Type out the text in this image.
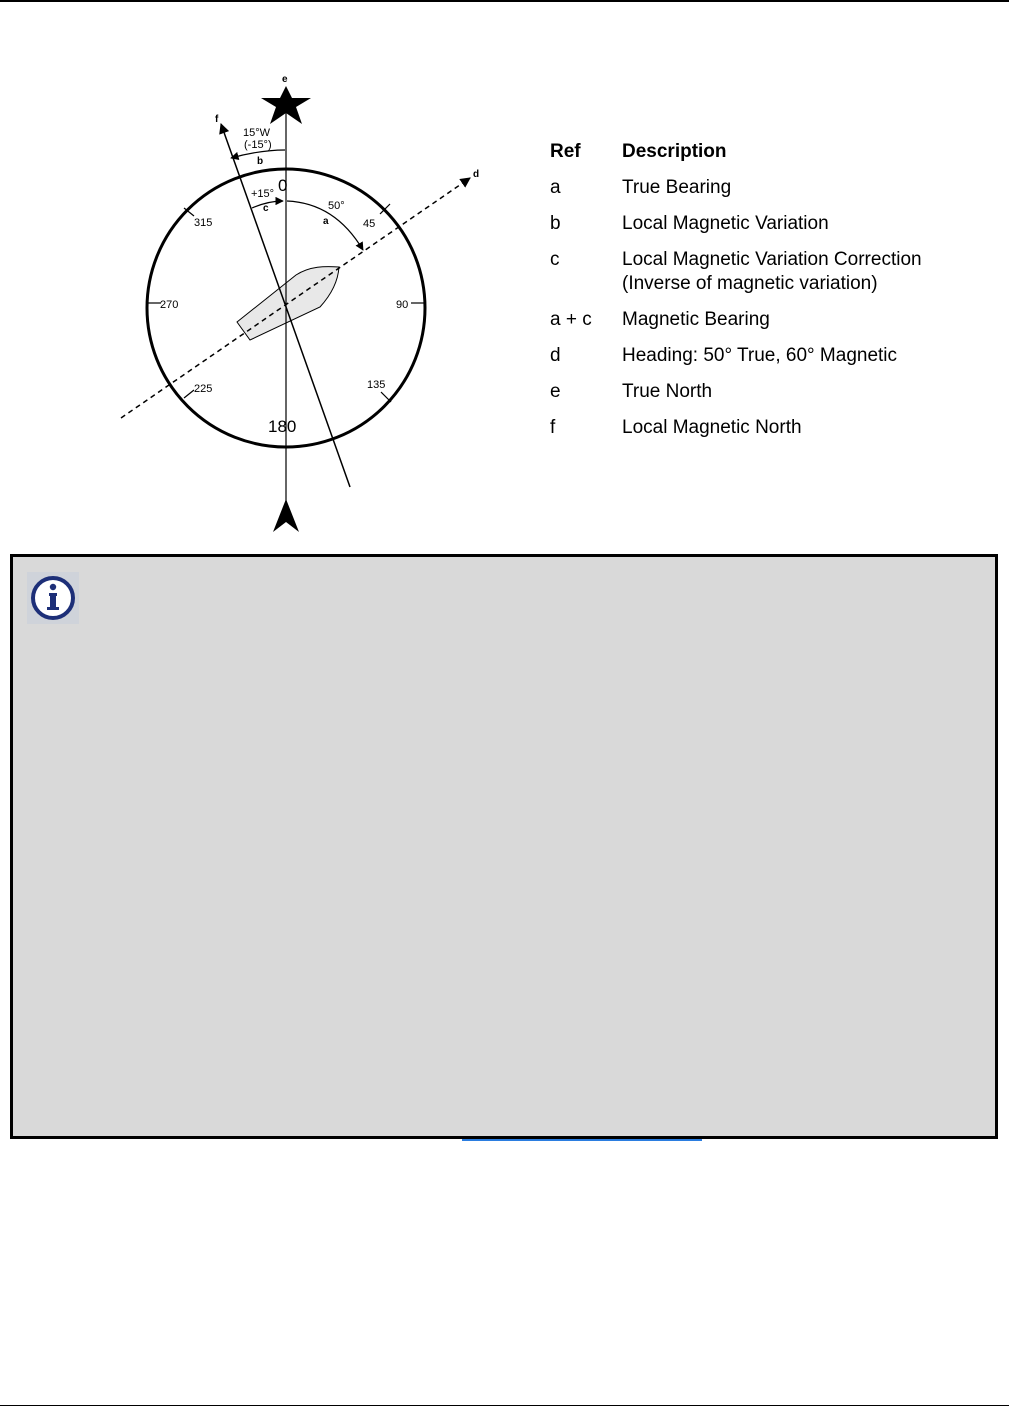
0
45
90
135
180
225
270
315
e
f
d
b
c
a
15°W
(-15°)
+15°
50°
Ref	Description
a	True Bearing
b	Local Magnetic Variation
c	Local Magnetic Variation Correction (Inverse of magnetic variation)
a + c	Magnetic Bearing
d	Heading: 50° True, 60° Magnetic
e	True North
f	Local Magnetic North
